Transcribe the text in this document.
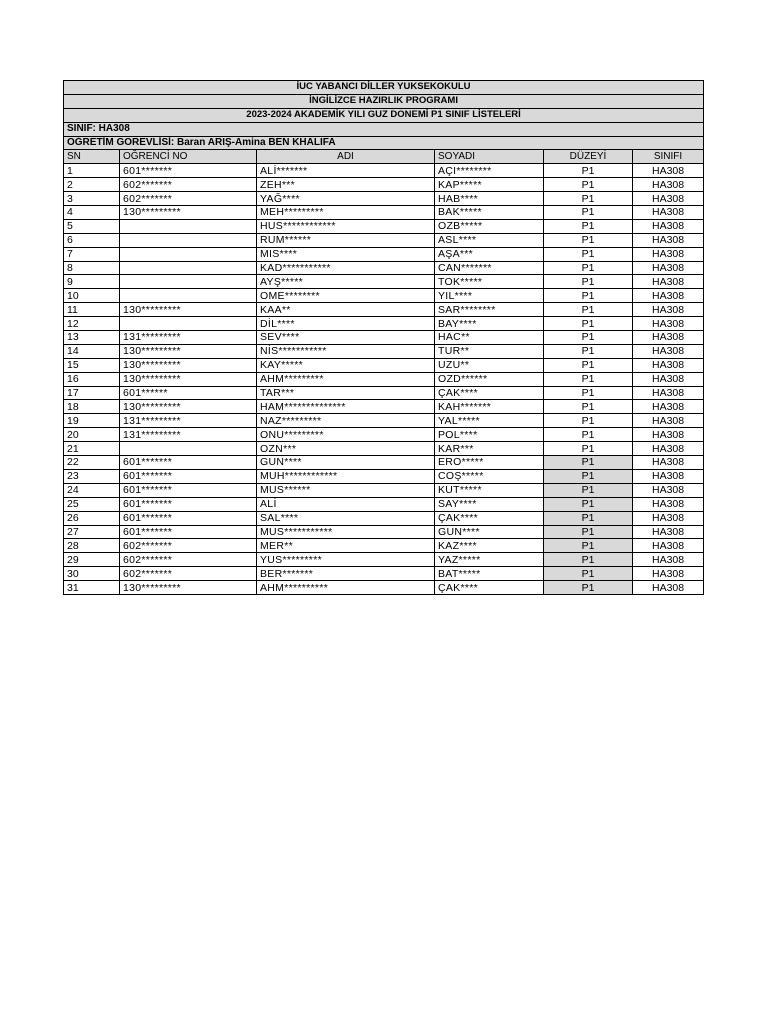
İUC YABANCI DİLLER YUKSEKOKULU					
İNGİLİZCE HAZIRLIK PROGRAMI					
2023-2024 AKADEMİK YILI GUZ DONEMİ P1 SINIF LİSTELERİ					
SINIF: HA308					
OĞRETİM GOREVLİSİ: Baran ARIŞ-Amina BEN KHALIFA					
SN	OĞRENCİ NO	ADI	SOYADI	DÜZEYİ	SINIFI
1	601*******	ALİ*******	AÇI********	P1	HA308
2	602*******	ZEH***	KAP*****	P1	HA308
3	602*******	YAĞ****	HAB****	P1	HA308
4	130*********	MEH*********	BAK*****	P1	HA308
5		HUS************	OZB*****	P1	HA308
6		RUM******	ASL****	P1	HA308
7		MIS****	AŞA***	P1	HA308
8		KAD***********	CAN*******	P1	HA308
9		AYŞ*****	TOK*****	P1	HA308
10		OME********	YIL****	P1	HA308
11	130*********	KAA**	SAR********	P1	HA308
12		DİL****	BAY****	P1	HA308
13	131*********	SEV****	HAC**	P1	HA308
14	130*********	NİS***********	TUR**	P1	HA308
15	130*********	KAY*****	UZU**	P1	HA308
16	130*********	AHM*********	OZD******	P1	HA308
17	601******	TAR***	ÇAK****	P1	HA308
18	130*********	HAM**************	KAH*******	P1	HA308
19	131*********	NAZ*********	YAL*****	P1	HA308
20	131*********	ONU*********	POL****	P1	HA308
21		OZN***	KAR***	P1	HA308
22	601*******	GUN****	ERO*****	P1	HA308
23	601*******	MUH************	COŞ*****	P1	HA308
24	601*******	MUS******	KUT*****	P1	HA308
25	601*******	ALİ	SAY****	P1	HA308
26	601*******	SAL****	ÇAK****	P1	HA308
27	601*******	MUS***********	GUN****	P1	HA308
28	602*******	MER**	KAZ****	P1	HA308
29	602*******	YUS*********	YAZ*****	P1	HA308
30	602*******	BER*******	BAT*****	P1	HA308
31	130*********	AHM**********	ÇAK****	P1	HA308
